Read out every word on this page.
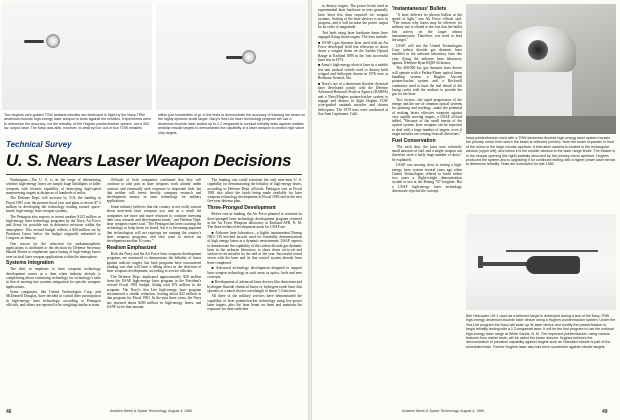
Two Hughes wire-guided TOW antitank missiles are destroyed in flight by the Navy-TRW deuterium-fluoride high-energy laser weapon in tests against the missiles. Experiments were to determine the accuracy, not the lethality, of the Hughes pointer/tracker system, not a 400-kw. output laser. The Navy was able, however, to destroy four out of four TOW missiles
within just hundredths of gr. in the tests to demonstrate the accuracy of tracking the beam on the highly dynamic small target. Navy's Sea Lite laser technology program will use a deuterium-fluoride laser scaled up to 2.2 megawatt to conduct lethality tests against realistic antiship missile targets to demonstrate the capability of a laser weapon to protect high value ship targets.
Technical Survey
U. S. Nears Laser Weapon Decisions

Washington—The U. S. is on the verge of determining whether high-energy lasers are simply huge flashlights or killer weapons with historic capability of destroying high-speed maneuvering targets at distances of hundreds of miles.

The Defense Dept. will increase by 51% the funding in Fiscal 1981 over the present fiscal year and plans to invest $7.3 million in developing the technology leading toward space-based, high-energy laser weapon systems.

The Pentagon also expects to invest another $125 million in high-energy laser technology programs by the Navy, Air Force and Army for possible use in defensive missions within the atmosphere. This revised budget reflects a $40-million cut by President Carter below the budget originally submitted to Congress in January.

One reason for the reduction for endoatmospheric applications is attributed to the decision by Defense Secretary Harold Brown to emphasize space basing of high-energy lasers over tactical laser weapon applications within the atmosphere.

Systems Integration

The shift in emphasis to laser weapons technology development comes at a time when industry already is complaining about continuing technology for technology's sake in lieu of moving into systems integration for specific weapons applications.

Some companies, like United Technologies Corp. and McDonnell Douglas, have decided to curtail their participation in high-energy laser technology, according to Pentagon officials, and others are reported to be weighing similar actions.

Officials of both companies confirmed that they will continue to take part in laser weapons work already under contract and eventually seek exposure to important bids, but that neither will invest heavily company research and development money in laser technology for military applications.

Some industry believes that the country is not really serious about near-term laser weapons use, and as a result the companies are more and more reluctant to continue investing their own research and development funds," one Defense Dept. laser weapons expert said. "The Pentagon has been courting the technology to keep them on board, but it is becoming apparent that technologists will not regroups are running the country's laser weapons programs, and they want to stretch out development another 10 years."

Realism Emphasized

Both the Navy and the Air Force laser weapons development programs are structured to demonstrate the lethality of lasers against realistic targets, but both programs have encountered funding cuts that will have a telling effect in the direction of laser weapons development, according to service officials.

The Defense Dept. duplicated approximately $20 million from the USAF high-energy laser program in the President's revised Fiscal 1981 budget, lifting total $72 million in the program. The Navy's Sea Lite high-energy laser program encountered a similar reduction, leaving about $22 million in that program for Fiscal 1981. In the past three years, the Navy has invested about $200 million in high-energy lasers, and USAF twice that amount.

The funding cuts could constrain the only near-term U. S. capability for demonstrating the lethality of high-energy lasers, according to Defense Dept. officials. Pentagon cuts in Fiscal 1981 also affect the funds being made available for laser weapons technology development in Fiscal 1982 and in the new five-year defense plan.

Three-Pronged Development

Before cuts in funding, the Air Force planned to continue its three-pronged laser technology development program centered at the Air Force Weapons laboratory at Kirtland AFB, N. M. The three technical development areas for USAF are:

■ Airborne laser laboratory—a highly instrumented Boeing NKC-135 test-bed aircraft used for feasibility demonstrations of high energy lasers in a dynamic environment. USAF expects to demonstrate the capability of the carbon dioxide gas dynamic laser in the airborne laboratory to shoot down air-to-air and surface-to-air missiles by the end of the year. Successful tested seven with the laser and its line control system already have been completed.

■ Advanced technology development designed to support laser weapon technology in such areas as optics, fuels and new concepts.

■ Development of advanced laser devices like deuterium and hydrogen-fluoride chemical lasers or hydrogen-oxide laser that operates at a much shorter wavelength of about 1.3 microns.

All three of the military services have demonstrated the capability of laser pointer/tracker technology using low-power laser targets, plus the laser beam on them and maintain the exposure for time sufficient

46	Aviation Week & Space Technology, August 4, 1980

to destroy targets. The power levels used in experimental laser hardware in tests generally have been less than required for weapon systems. Scaling of the laser devices is now in progress, and it will increase the power output by an order of magnitude.

Test beds using laser hardware items have engaged flying drone targets. The tests include:

■ USAF's gas dynamic laser used with an Air Force developed field test telescope to shoot down a winged drone on the Sandia Optical Range at Kirtland AFB in the first successful laser test in 1973.

■ Army's high-energy electric laser in a mobile test unit tracked vehicle used to destroy both winged and helicopter drones in 1976 tests at Redstone Arsenal, Ala.

■ Navy's use of a deuterium fluoride chemical laser developed jointly with the Defense Advanced Research Projects Agency (DARPA) and a Navy/Hughes pointer/tracker system to engage and destroy in flight Hughes TOW wire-guided antitank missiles and drones helicopters. The 1978 tests were conducted at San Juan Capistrano, Calif.

'Instantaneous' Bullets

"A laser delivers its photon bullets at the speed of light," one Air Force official said. "The reason why lasers may be effective for military use is related to the fact that the bullet hits arrives on the target almost instantaneously. Therefore, you need to lead the target."

USAF will test the United Technologies Corp carbon dioxide gas dynamic laser installed in the airborne laboratory later this year, flying the airborne laser laboratory against Teledyne Ryan BQM-34 drones.

The 400/500 kw. gas dynamic laser device will operate with a Perkin-Elmer optical beam handling system, a Hughes Aircraft pointer/tracker system and a Rockwell combustor used to burn the fuel ahead of the lasing cavity with the oxidizer to provide the gas for the laser.

Two factors—the rapid progression of the energy and the use of common optical systems for pointing and tracking—make the potential of making lasers effective weapons against very rapidly moving targets, a USAF official added. "Because of the small inertia of the optical system, laser weapons can be expected to deal with a large number of targets, even if target missiles are coming from all directions."

Fuel Conservation

"For each shot, the laser uses relatively small amounts of fuel, and a single weapon can therefore store a fairly large number of shots," he explained.

USAF was moving close to testing a high-energy laser system several years ago when United Technologies offered to build within two years a flight-weight demonstration system to test at the Boeing 747 freighter. But a USAF high-energy laser technology directorate rejected the concept.

Navy pointer/tracker used with a TRW deuterium-fluoride high-energy laser system houses the primary mirror from which the beam is reflected (center). Note the beam expander in front of the mirror in the large circular aperture. A television camera is located in the rectangular window (upper left), and below it is the smaller window to the laser range finder. The tracker is in the circular opening (far right) partially obscured by the primary mirror aperture. Hughes produced the system and is upgrading it for continued testing with a higher power laser device to determine lethality. Tests are scheduled for late 1982.
Bell Helicopter UH-1 used as a tethered target is destroyed during a test of the Navy-TRW high-energy deuterium-fluoride laser device using a Hughes pointer/tracker system. Under the Sea Lite program the Navy will scale up its laser device and modify the pointer/tracker to begin lethality testing with a 2.2-megawatt laser. It will be the first program to use the notional high-energy laser range at White Sands, N. M. The improved pointer/tracker, using various features from earlier tests, will be called the beam director. Hughes believes the demonstration of precision capability against targets such as Standard missile is part of the scheduled tests. Former Hughes laser also has been successful against missile targets.
Aviation Week & Space Technology, August 4, 1980	49
